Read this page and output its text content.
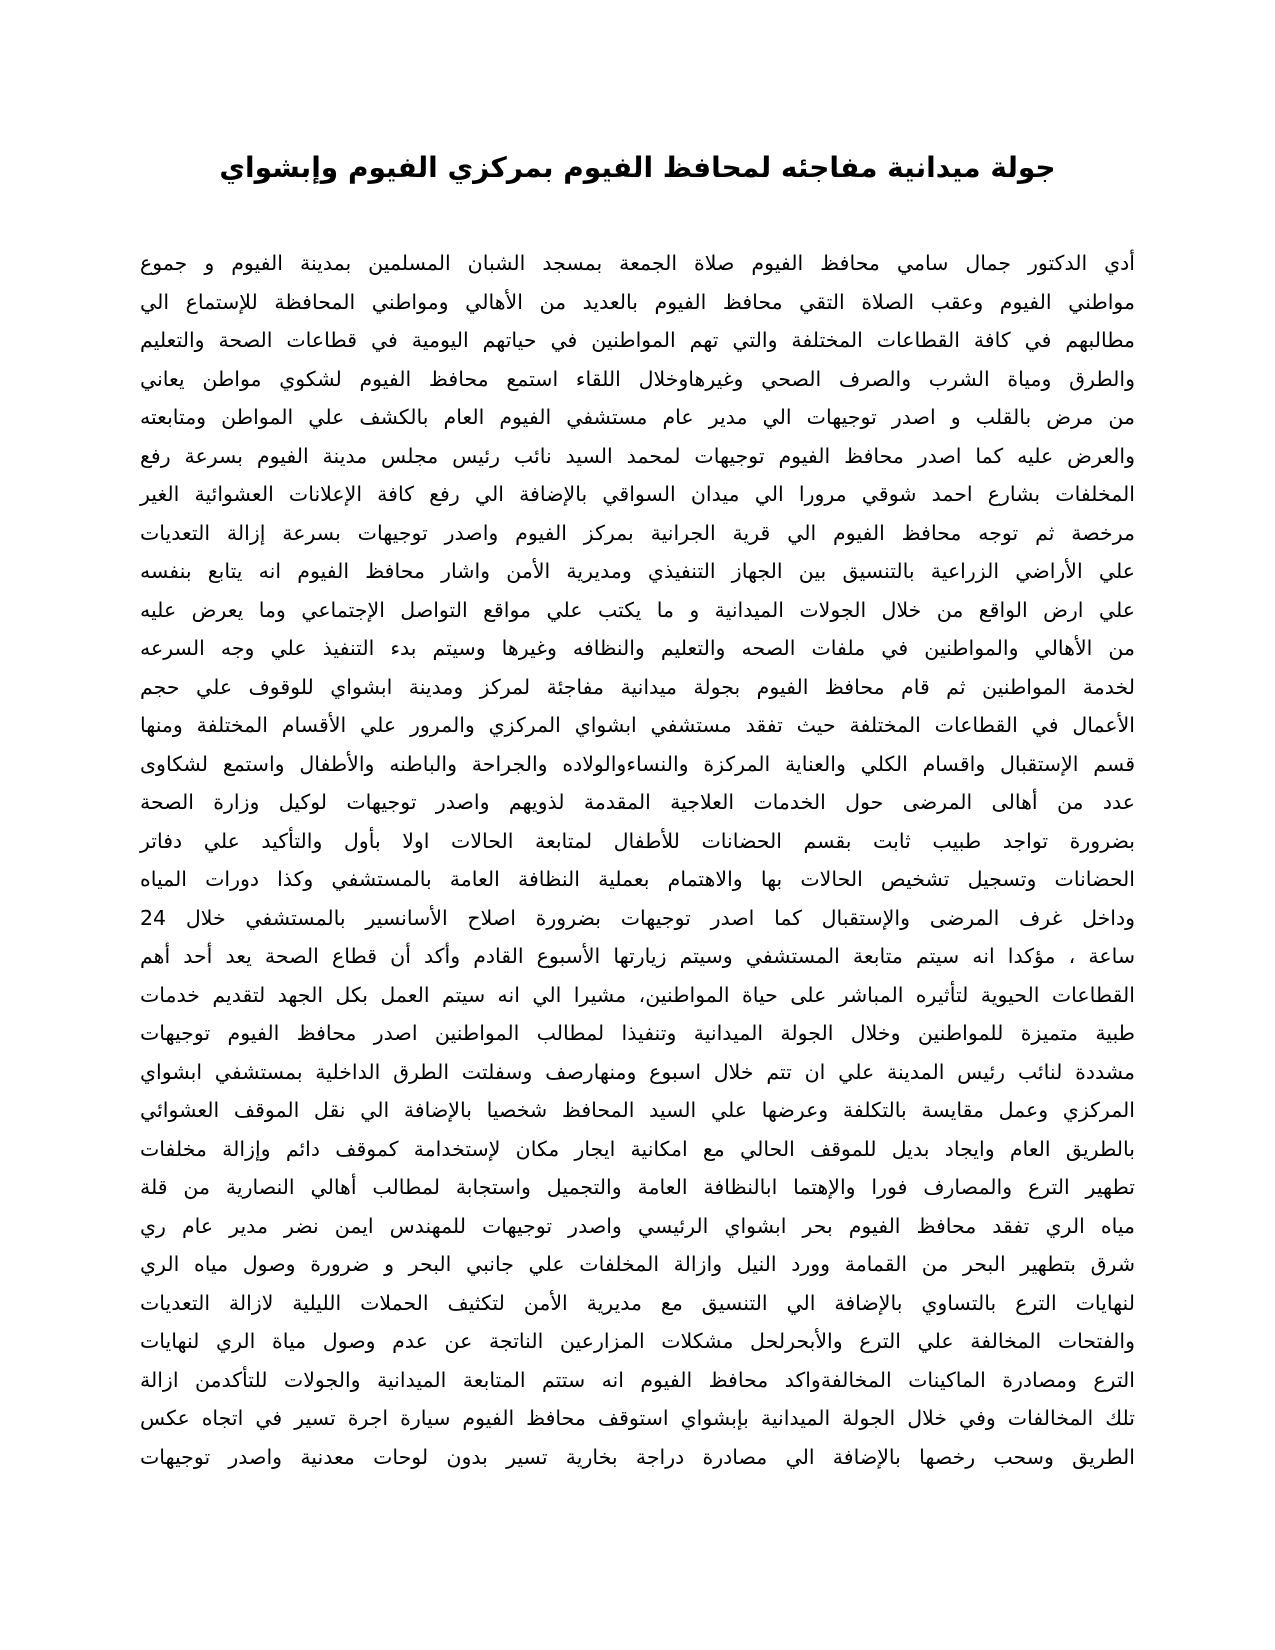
جولة ميدانية مفاجئه لمحافظ الفيوم بمركزي الفيوم وإبشواي
أدي الدكتور جمال سامي محافظ الفيوم صلاة الجمعة بمسجد الشبان المسلمين بمدينة الفيوم و جموع
مواطني الفيوم وعقب الصلاة التقي محافظ الفيوم بالعديد من الأهالي ومواطني المحافظة للإستماع الي
مطالبهم في كافة القطاعات المختلفة والتي تهم المواطنين في حياتهم اليومية في قطاعات الصحة والتعليم
والطرق ومياة الشرب والصرف الصحي وغيرهاوخلال اللقاء استمع محافظ الفيوم لشكوي مواطن يعاني
من مرض بالقلب و اصدر توجيهات الي مدير عام مستشفي الفيوم العام بالكشف علي المواطن ومتابعته
والعرض عليه كما اصدر محافظ الفيوم توجيهات لمحمد السيد نائب رئيس مجلس مدينة الفيوم بسرعة رفع
المخلفات بشارع احمد شوقي مرورا الي ميدان السواقي بالإضافة الي رفع كافة الإعلانات العشوائية الغير
مرخصة ثم توجه محافظ الفيوم الي قرية الجرانية بمركز الفيوم واصدر توجيهات بسرعة إزالة التعديات
علي الأراضي الزراعية بالتنسيق بين الجهاز التنفيذي ومديرية الأمن واشار محافظ الفيوم انه يتابع بنفسه
علي ارض الواقع من خلال الجولات الميدانية و ما يكتب علي مواقع التواصل الإجتماعي وما يعرض عليه
من الأهالي والمواطنين في ملفات الصحه والتعليم والنظافه وغيرها وسيتم بدء التنفيذ علي وجه السرعه
لخدمة المواطنين ثم قام محافظ الفيوم بجولة ميدانية مفاجئة لمركز ومدينة ابشواي للوقوف علي حجم
الأعمال في القطاعات المختلفة حيث تفقد مستشفي ابشواي المركزي والمرور علي الأقسام المختلفة ومنها
قسم الإستقبال واقسام الكلي والعناية المركزة والنساءوالولاده والجراحة والباطنه والأطفال واستمع لشكاوى
عدد من أهالى المرضى حول الخدمات العلاجية المقدمة لذويهم واصدر توجيهات لوكيل وزارة الصحة
بضرورة تواجد طبيب ثابت بقسم الحضانات للأطفال لمتابعة الحالات اولا بأول والتأكيد علي دفاتر
الحضانات وتسجيل تشخيص الحالات بها والاهتمام بعملية النظافة العامة بالمستشفي وكذا دورات المياه
وداخل غرف المرضى والإستقبال كما اصدر توجيهات بضرورة اصلاح الأسانسير بالمستشفي خلال 24
ساعة ، مؤكدا انه سيتم متابعة المستشفي وسيتم زيارتها الأسبوع القادم وأكد أن قطاع الصحة يعد أحد أهم
القطاعات الحيوية لتأثيره المباشر على حياة المواطنين، مشيرا الي انه سيتم العمل بكل الجهد لتقديم خدمات
طبية متميزة للمواطنين وخلال الجولة الميدانية وتنفيذا لمطالب المواطنين اصدر محافظ الفيوم توجيهات
مشددة لنائب رئيس المدينة علي ان تتم خلال اسبوع ومنهارصف وسفلتت الطرق الداخلية بمستشفي ابشواي
المركزي وعمل مقايسة بالتكلفة وعرضها علي السيد المحافظ شخصيا بالإضافة الي نقل الموقف العشوائي
بالطريق العام وايجاد بديل للموقف الحالي مع امكانية ايجار مكان لإستخدامة كموقف دائم وإزالة مخلفات
تطهير الترع والمصارف فورا والإهتما ابالنظافة العامة والتجميل واستجابة لمطالب أهالي النصارية من قلة
مياه الري تفقد محافظ الفيوم بحر ابشواي الرئيسي واصدر توجيهات للمهندس ايمن نضر مدير عام ري
شرق بتطهير البحر من القمامة وورد النيل وازالة المخلفات علي جانبي البحر و ضرورة وصول مياه الري
لنهايات الترع بالتساوي بالإضافة الي التنسيق مع مديرية الأمن لتكثيف الحملات الليلية لازالة التعديات
والفتحات المخالفة علي الترع والأبحرلحل مشكلات المزارعين الناتجة عن عدم وصول مياة الري لنهايات
الترع ومصادرة الماكينات المخالفةواكد محافظ الفيوم انه ستتم المتابعة الميدانية والجولات للتأكدمن ازالة
تلك المخالفات وفي خلال الجولة الميدانية بإبشواي استوقف محافظ الفيوم سيارة اجرة تسير في اتجاه عكس
الطريق وسحب رخصها بالإضافة الي مصادرة دراجة بخارية تسير بدون لوحات معدنية واصدر توجيهات
